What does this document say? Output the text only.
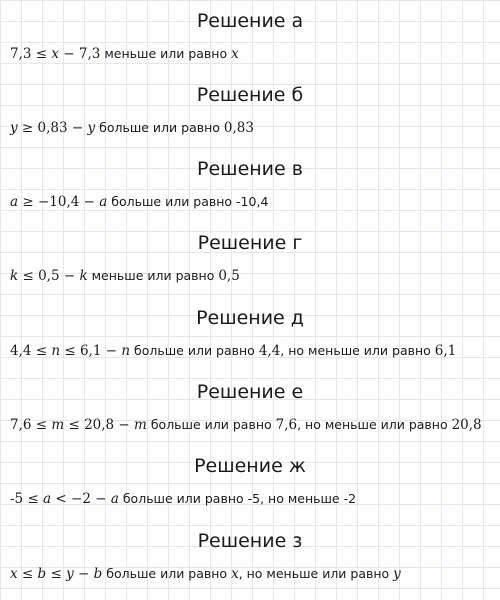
Решение а
7,3 ≤ x − 7,3 меньше или равно x
Решение б
y ≥ 0,83 − y больше или равно 0,83
Решение в
a ≥ −10,4 − a больше или равно -10,4
Решение г
k ≤ 0,5 − k меньше или равно 0,5
Решение д
4,4 ≤ n ≤ 6,1 − n больше или равно 4,4, но меньше или равно 6,1
Решение е
7,6 ≤ m ≤ 20,8 − m больше или равно 7,6, но меньше или равно 20,8
Решение ж
-5 ≤ a < −2 − a больше или равно -5, но меньше -2
Решение з
x ≤ b ≤ y − b больше или равно x, но меньше или равно y
